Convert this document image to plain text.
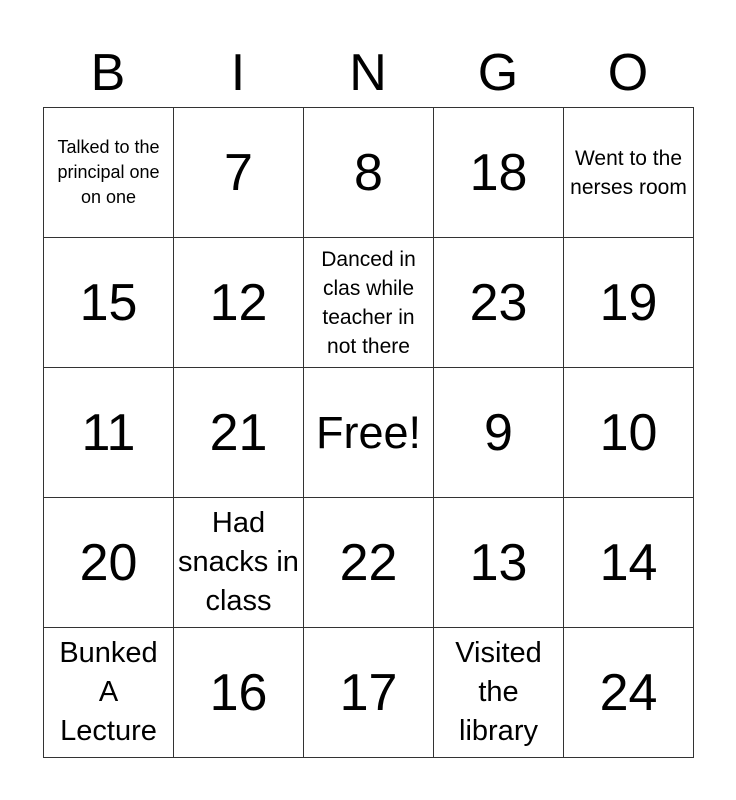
B	I	N	G	O
Talked to the principal one on one	7	8	18	Went to the nerses room
15	12	Danced in clas while teacher in not there	23	19
11	21	Free!	9	10
20	Had snacks in class	22	13	14
Bunked A Lecture	16	17	Visited the library	24
